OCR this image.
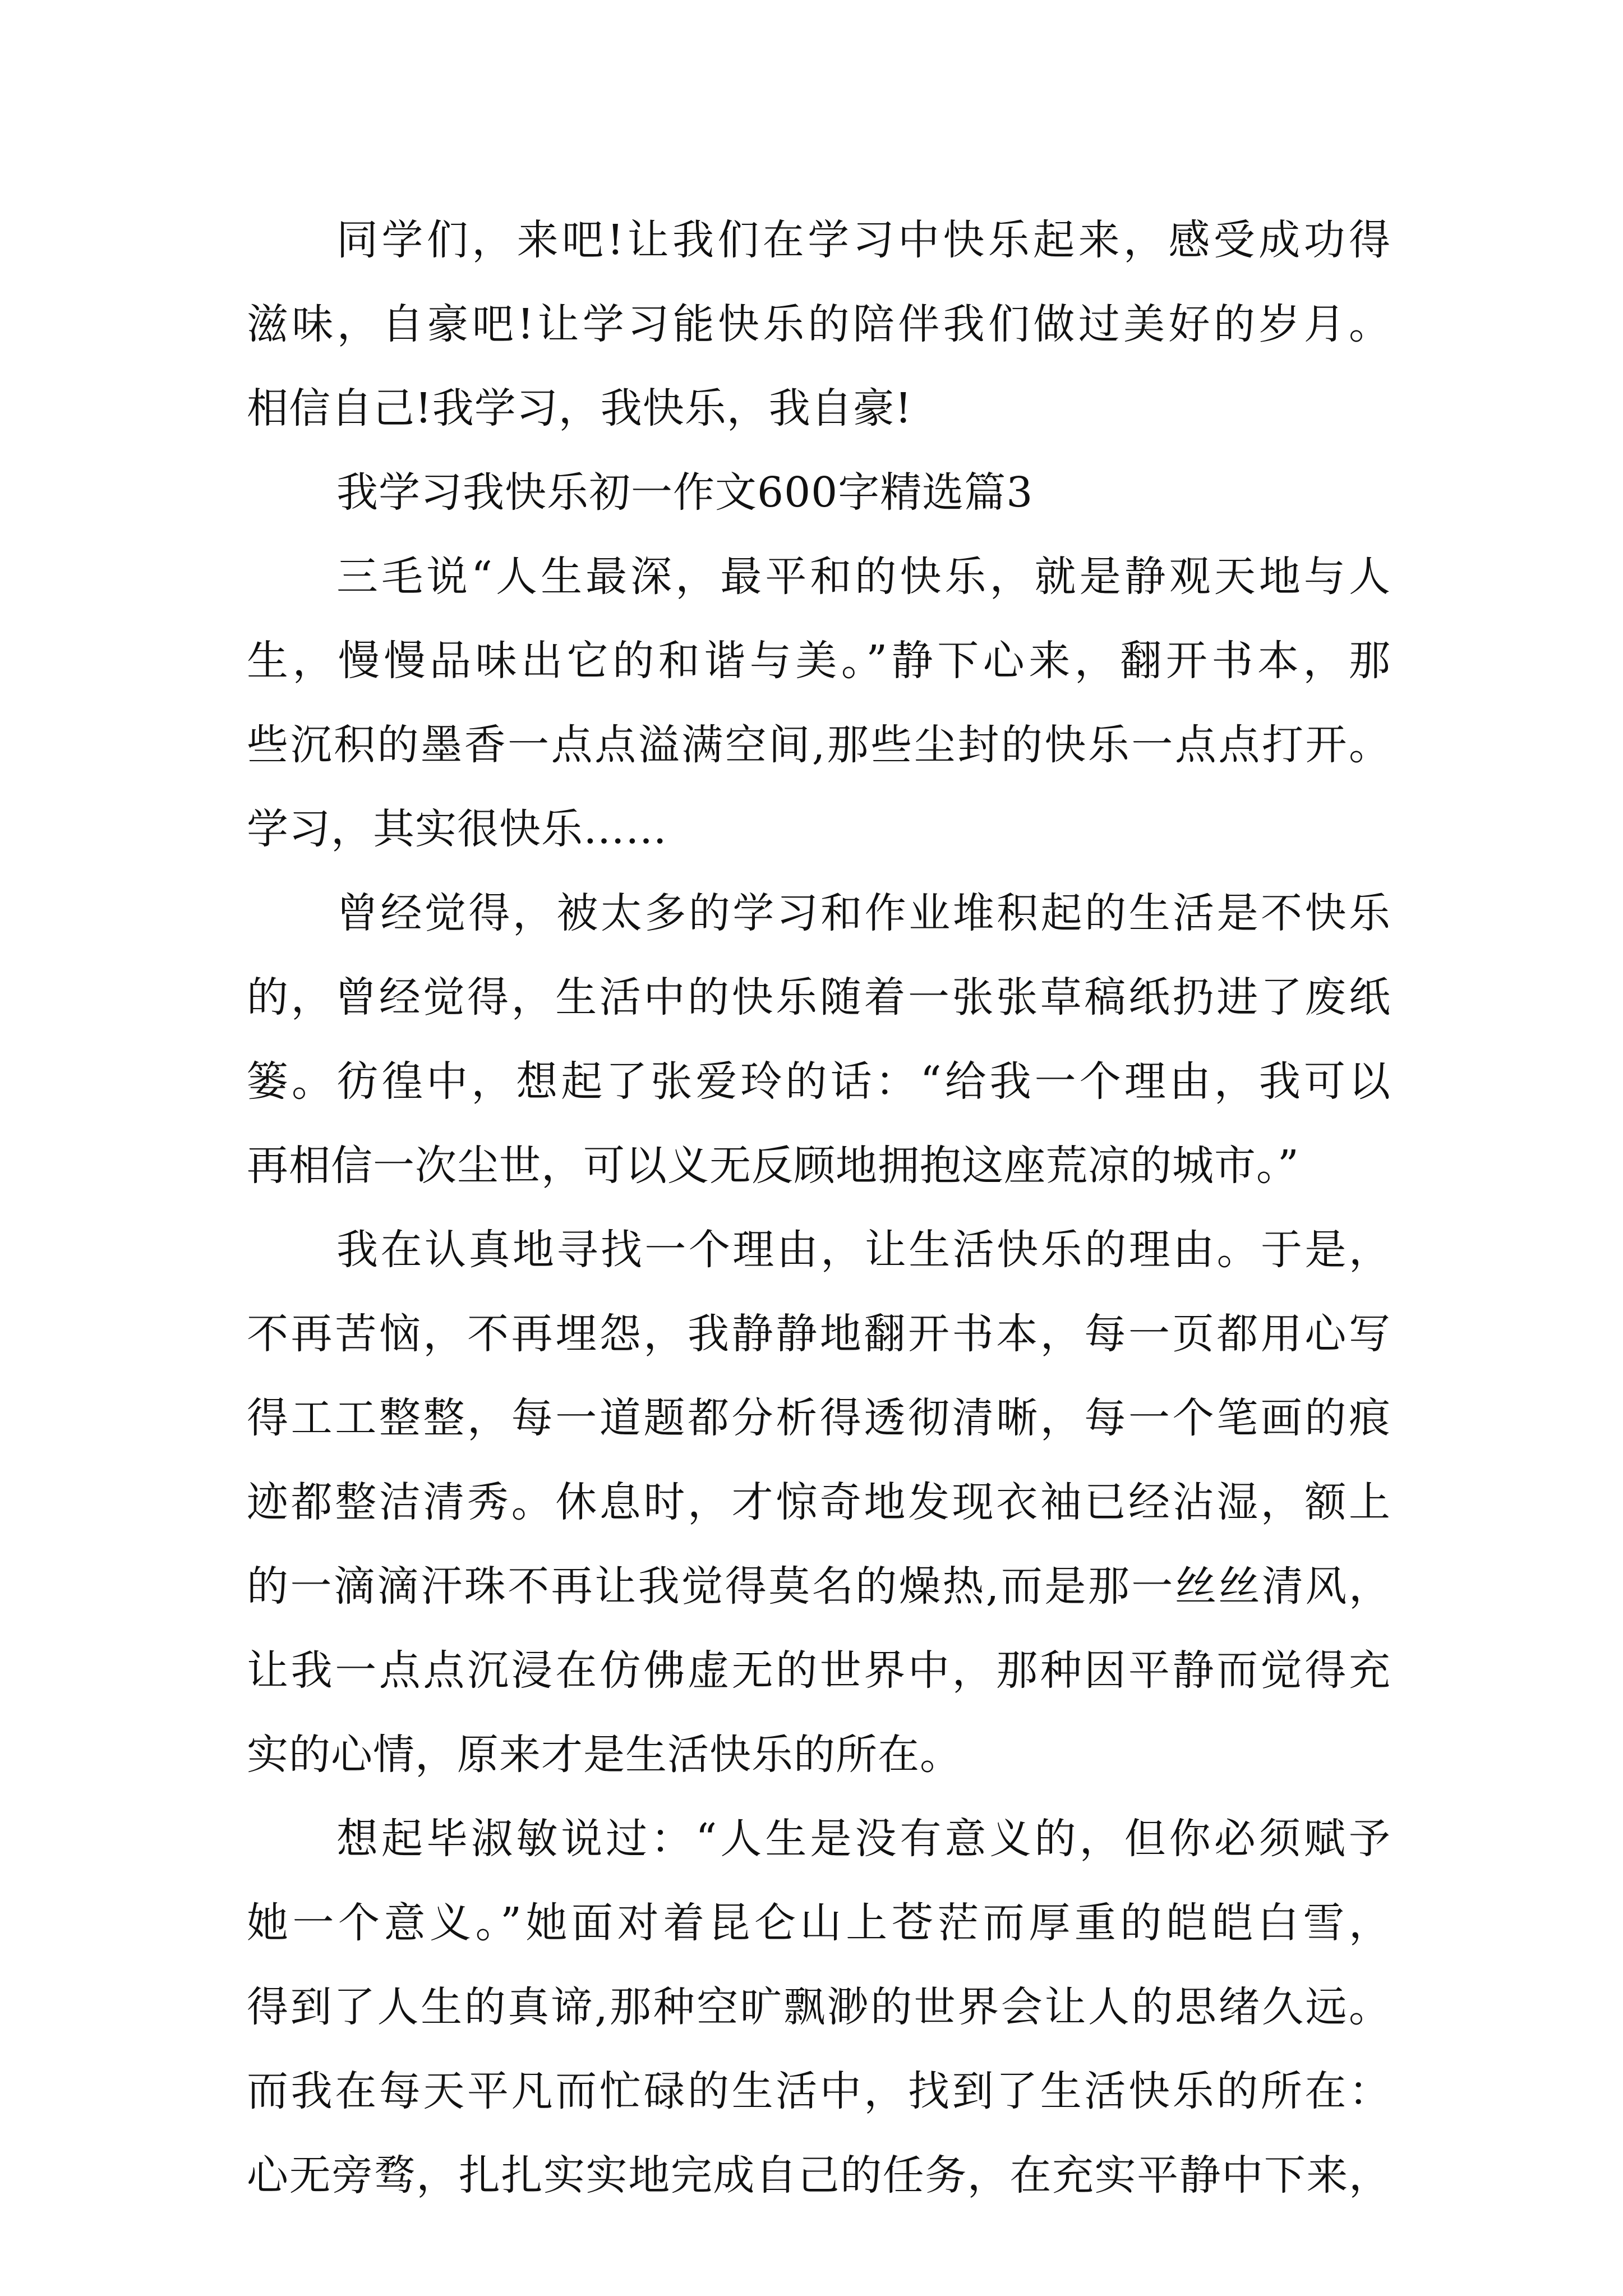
同学们，来吧!让我们在学习中快乐起来，感受成功得
滋味，自豪吧!让学习能快乐的陪伴我们做过美好的岁月。
相信自己!我学习，我快乐，我自豪!
我学习我快乐初一作文600字精选篇3
三毛说“人生最深，最平和的快乐，就是静观天地与人
生，慢慢品味出它的和谐与美。”静下心来，翻开书本，那
些沉积的墨香一点点溢满空间,那些尘封的快乐一点点打开。
学习，其实很快乐……
曾经觉得，被太多的学习和作业堆积起的生活是不快乐
的，曾经觉得，生活中的快乐随着一张张草稿纸扔进了废纸
篓。彷徨中，想起了张爱玲的话：“给我一个理由，我可以
再相信一次尘世，可以义无反顾地拥抱这座荒凉的城市。”
我在认真地寻找一个理由，让生活快乐的理由。于是，
不再苦恼，不再埋怨，我静静地翻开书本，每一页都用心写
得工工整整，每一道题都分析得透彻清晰，每一个笔画的痕
迹都整洁清秀。休息时，才惊奇地发现衣袖已经沾湿，额上
的一滴滴汗珠不再让我觉得莫名的燥热,而是那一丝丝清风，
让我一点点沉浸在仿佛虚无的世界中，那种因平静而觉得充
实的心情，原来才是生活快乐的所在。
想起毕淑敏说过：“人生是没有意义的，但你必须赋予
她一个意义。”她面对着昆仑山上苍茫而厚重的皑皑白雪，
得到了人生的真谛,那种空旷飘渺的世界会让人的思绪久远。
而我在每天平凡而忙碌的生活中，找到了生活快乐的所在：
心无旁骛，扎扎实实地完成自己的任务，在充实平静中下来，
